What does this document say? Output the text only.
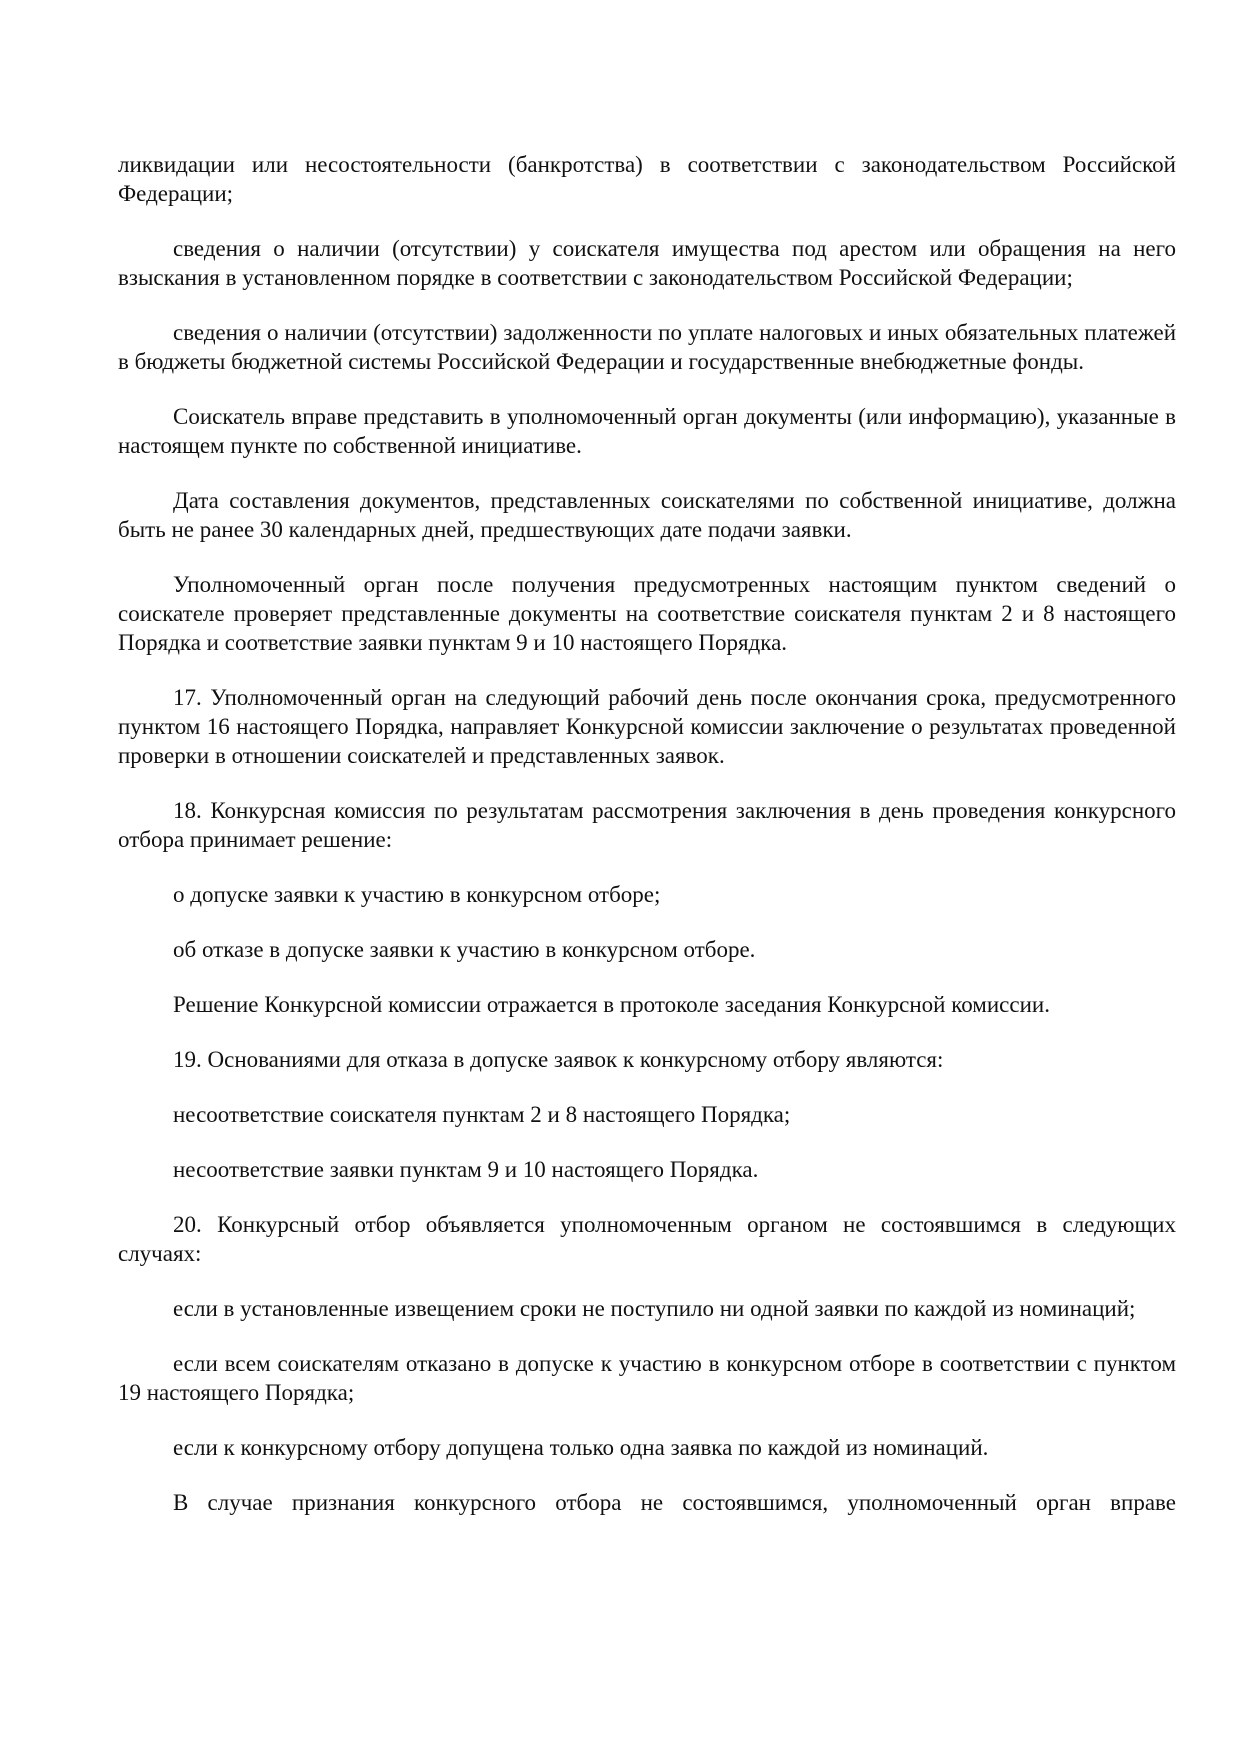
ликвидации или несостоятельности (банкротства) в соответствии с законодательством Российской Федерации;

сведения о наличии (отсутствии) у соискателя имущества под арестом или обращения на него взыскания в установленном порядке в соответствии с законодательством Российской Федерации;

сведения о наличии (отсутствии) задолженности по уплате налоговых и иных обязательных платежей в бюджеты бюджетной системы Российской Федерации и государственные внебюджетные фонды.

Соискатель вправе представить в уполномоченный орган документы (или информацию), указанные в настоящем пункте по собственной инициативе.

Дата составления документов, представленных соискателями по собственной инициативе, должна быть не ранее 30 календарных дней, предшествующих дате подачи заявки.

Уполномоченный орган после получения предусмотренных настоящим пунктом сведений о соискателе проверяет представленные документы на соответствие соискателя пунктам 2 и 8 настоящего Порядка и соответствие заявки пунктам 9 и 10 настоящего Порядка.

17. Уполномоченный орган на следующий рабочий день после окончания срока, предусмотренного пунктом 16 настоящего Порядка, направляет Конкурсной комиссии заключение о результатах проведенной проверки в отношении соискателей и представленных заявок.

18. Конкурсная комиссия по результатам рассмотрения заключения в день проведения конкурсного отбора принимает решение:

о допуске заявки к участию в конкурсном отборе;

об отказе в допуске заявки к участию в конкурсном отборе.

Решение Конкурсной комиссии отражается в протоколе заседания Конкурсной комиссии.

19. Основаниями для отказа в допуске заявок к конкурсному отбору являются:

несоответствие соискателя пунктам 2 и 8 настоящего Порядка;

несоответствие заявки пунктам 9 и 10 настоящего Порядка.

20. Конкурсный отбор объявляется уполномоченным органом не состоявшимся в следующих случаях:

если в установленные извещением сроки не поступило ни одной заявки по каждой из номинаций;

если всем соискателям отказано в допуске к участию в конкурсном отборе в соответствии с пунктом 19 настоящего Порядка;

если к конкурсному отбору допущена только одна заявка по каждой из номинаций.

В случае признания конкурсного отбора не состоявшимся, уполномоченный орган вправе
